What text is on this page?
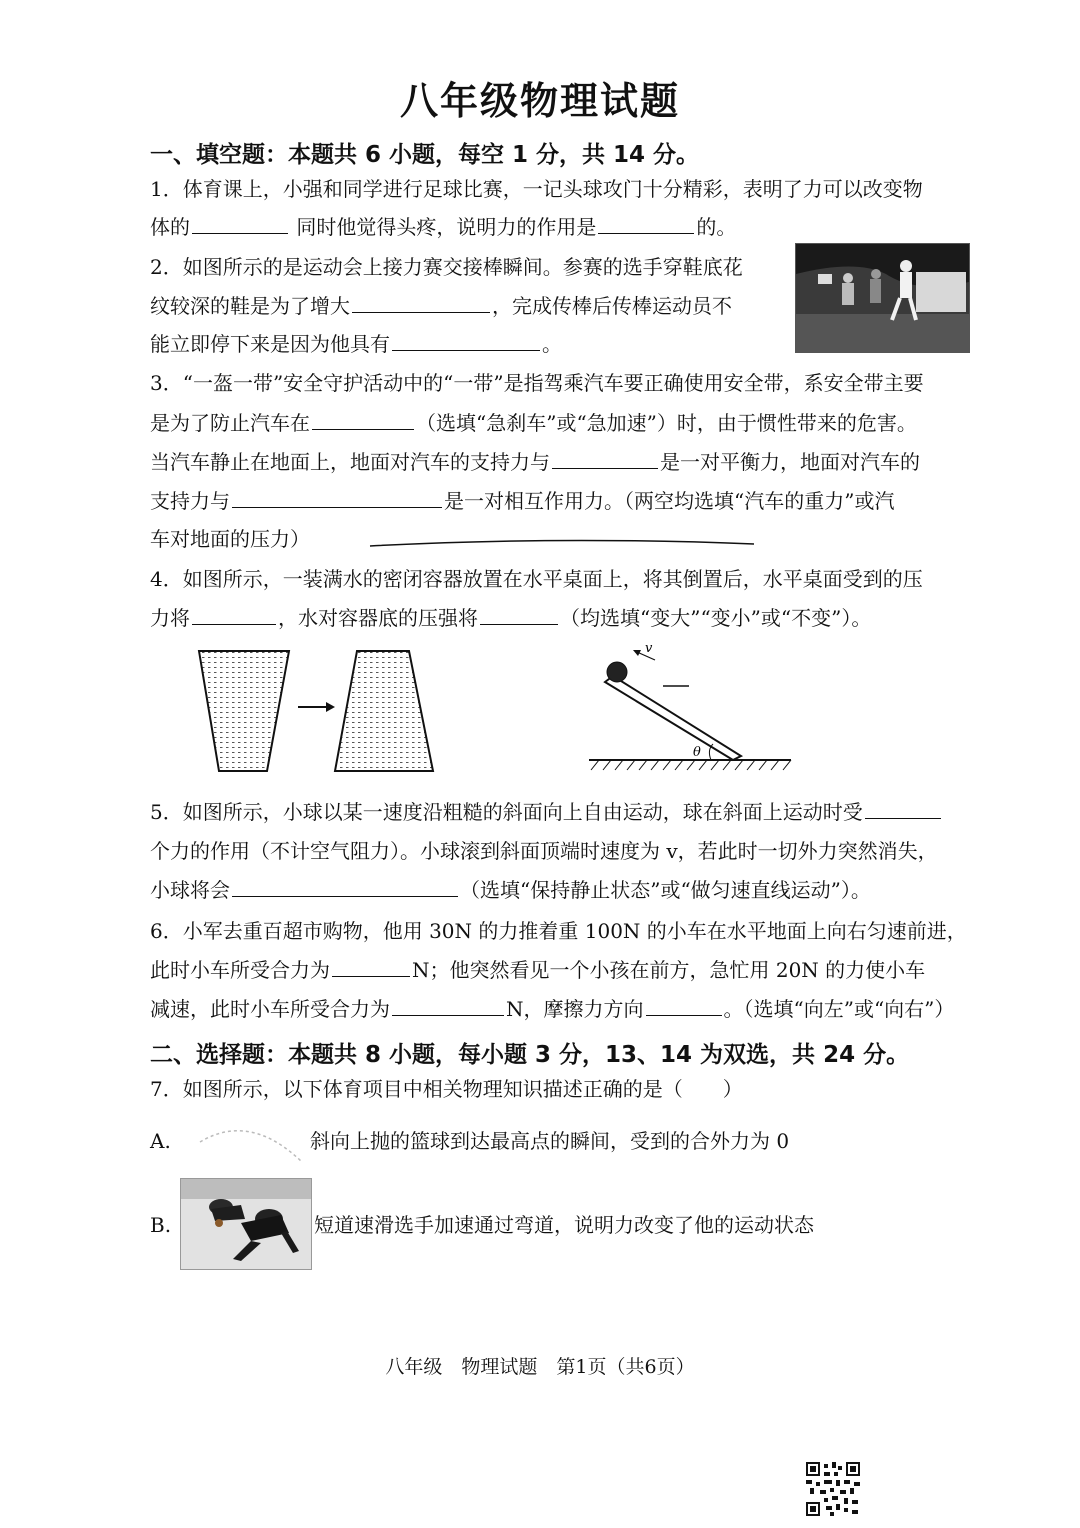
八年级物理试题
一、填空题：本题共 6 小题，每空 1 分，共 14 分。
1．体育课上，小强和同学进行足球比赛，一记头球攻门十分精彩，表明了力可以改变物
体的	同时他觉得头疼，说明力的作用是	的。
2．如图所示的是运动会上接力赛交接棒瞬间。参赛的选手穿鞋底花
纹较深的鞋是为了增大	，完成传棒后传棒运动员不
能立即停下来是因为他具有	。
3．“一盔一带”安全守护活动中的“一带”是指驾乘汽车要正确使用安全带，系安全带主要
是为了防止汽车在	（选填“急刹车”或“急加速”）时，由于惯性带来的危害。
当汽车静止在地面上，地面对汽车的支持力与	是一对平衡力，地面对汽车的
支持力与	是一对相互作用力。（两空均选填“汽车的重力”或汽
车对地面的压力）
4．如图所示，一装满水的密闭容器放置在水平桌面上，将其倒置后，水平桌面受到的压
力将	，水对容器底的压强将	（均选填“变大”“变小”或“不变”）。
v
θ
5．如图所示，小球以某一速度沿粗糙的斜面向上自由运动，球在斜面上运动时受
个力的作用（不计空气阻力）。小球滚到斜面顶端时速度为 v，若此时一切外力突然消失，
小球将会	（选填“保持静止状态”或“做匀速直线运动”）。
6．小军去重百超市购物，他用 30N 的力推着重 100N 的小车在水平地面上向右匀速前进，
此时小车所受合力为	N；他突然看见一个小孩在前方，急忙用 20N 的力使小车
减速，此时小车所受合力为	N，摩擦力方向	。（选填“向左”或“向右”）
二、选择题：本题共 8 小题，每小题 3 分，13、14 为双选，共 24 分。
7．如图所示，以下体育项目中相关物理知识描述正确的是（　　）
A.	斜向上抛的篮球到达最高点的瞬间，受到的合外力为 0
B.	短道速滑选手加速通过弯道，说明力改变了他的运动状态
八年级　物理试题　第1页（共6页）
